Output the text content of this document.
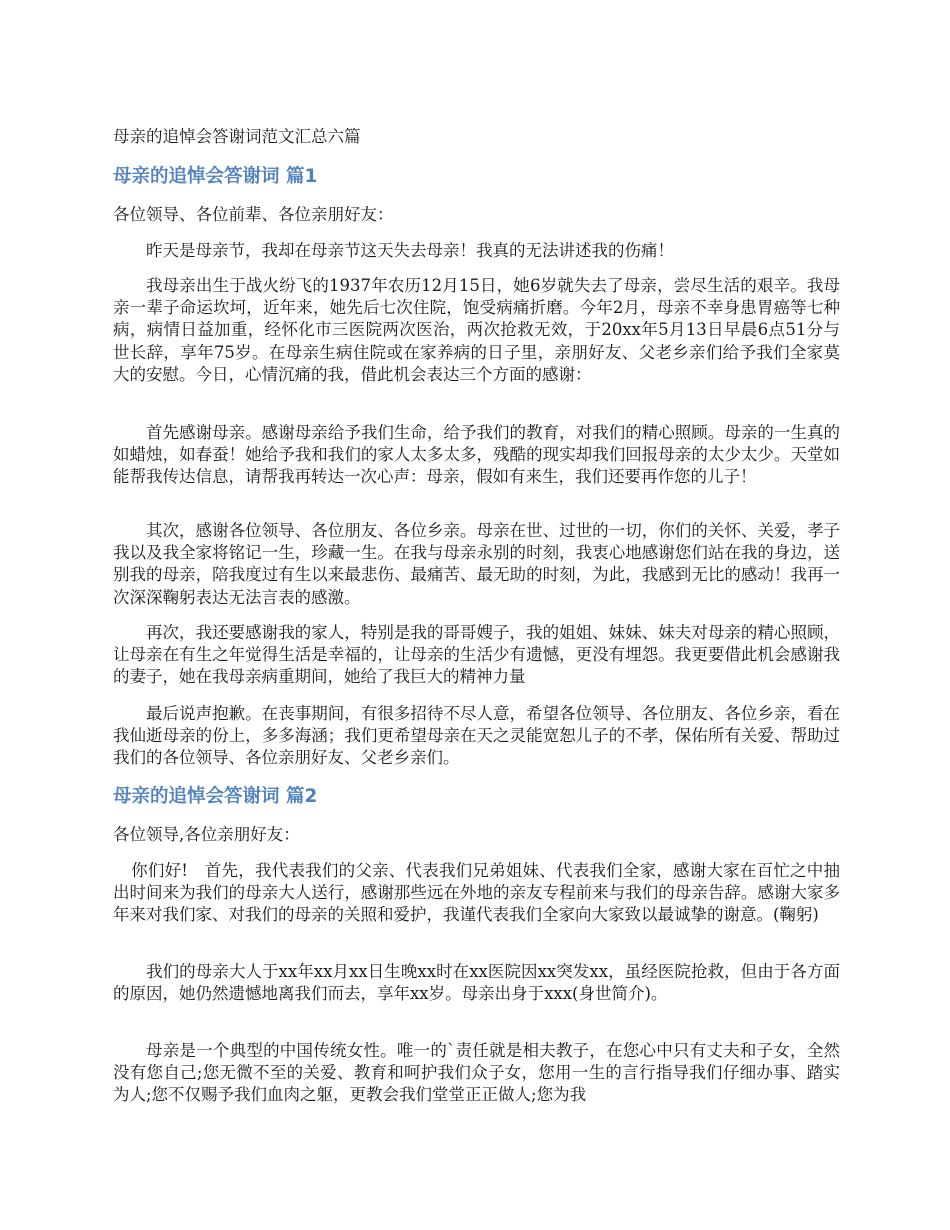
母亲的追悼会答谢词范文汇总六篇
母亲的追悼会答谢词 篇1
各位领导、各位前辈、各位亲朋好友：
昨天是母亲节，我却在母亲节这天失去母亲！我真的无法讲述我的伤痛！
我母亲出生于战火纷飞的1937年农历12月15日，她6岁就失去了母亲，尝尽生活的艰辛。我母亲一辈子命运坎坷，近年来，她先后七次住院，饱受病痛折磨。今年2月，母亲不幸身患胃癌等七种病，病情日益加重，经怀化市三医院两次医治，两次抢救无效，于20xx年5月13日早晨6点51分与世长辞，享年75岁。在母亲生病住院或在家养病的日子里，亲朋好友、父老乡亲们给予我们全家莫大的安慰。今日，心情沉痛的我，借此机会表达三个方面的感谢：
首先感谢母亲。感谢母亲给予我们生命，给予我们的教育，对我们的精心照顾。母亲的一生真的如蜡烛，如春蚕！她给予我和我们的家人太多太多，残酷的现实却我们回报母亲的太少太少。天堂如能帮我传达信息，请帮我再转达一次心声：母亲，假如有来生，我们还要再作您的儿子！
其次，感谢各位领导、各位朋友、各位乡亲。母亲在世、过世的一切，你们的关怀、关爱，孝子我以及我全家将铭记一生，珍藏一生。在我与母亲永别的时刻，我衷心地感谢您们站在我的身边，送别我的母亲，陪我度过有生以来最悲伤、最痛苦、最无助的时刻，为此，我感到无比的感动！我再一次深深鞠躬表达无法言表的感激。
再次，我还要感谢我的家人，特别是我的哥哥嫂子，我的姐姐、妹妹、妹夫对母亲的精心照顾，让母亲在有生之年觉得生活是幸福的，让母亲的生活少有遗憾，更没有埋怨。我更要借此机会感谢我的妻子，她在我母亲病重期间，她给了我巨大的精神力量
最后说声抱歉。在丧事期间，有很多招待不尽人意，希望各位领导、各位朋友、各位乡亲，看在我仙逝母亲的份上，多多海涵；我们更希望母亲在天之灵能宽恕儿子的不孝，保佑所有关爱、帮助过我们的各位领导、各位亲朋好友、父老乡亲们。
母亲的追悼会答谢词 篇2
各位领导,各位亲朋好友：
你们好!　首先，我代表我们的父亲、代表我们兄弟姐妹、代表我们全家，感谢大家在百忙之中抽出时间来为我们的母亲大人送行，感谢那些远在外地的亲友专程前来与我们的母亲告辞。感谢大家多年来对我们家、对我们的母亲的关照和爱护，我谨代表我们全家向大家致以最诚挚的谢意。(鞠躬)
我们的母亲大人于xx年xx月xx日生晚xx时在xx医院因xx突发xx，虽经医院抢救，但由于各方面的原因，她仍然遗憾地离我们而去，享年xx岁。母亲出身于xxx(身世简介)。
母亲是一个典型的中国传统女性。唯一的`责任就是相夫教子，在您心中只有丈夫和子女，全然没有您自己;您无微不至的关爱、教育和呵护我们众子女，您用一生的言行指导我们仔细办事、踏实为人;您不仅赐予我们血肉之躯，更教会我们堂堂正正做人;您为我
